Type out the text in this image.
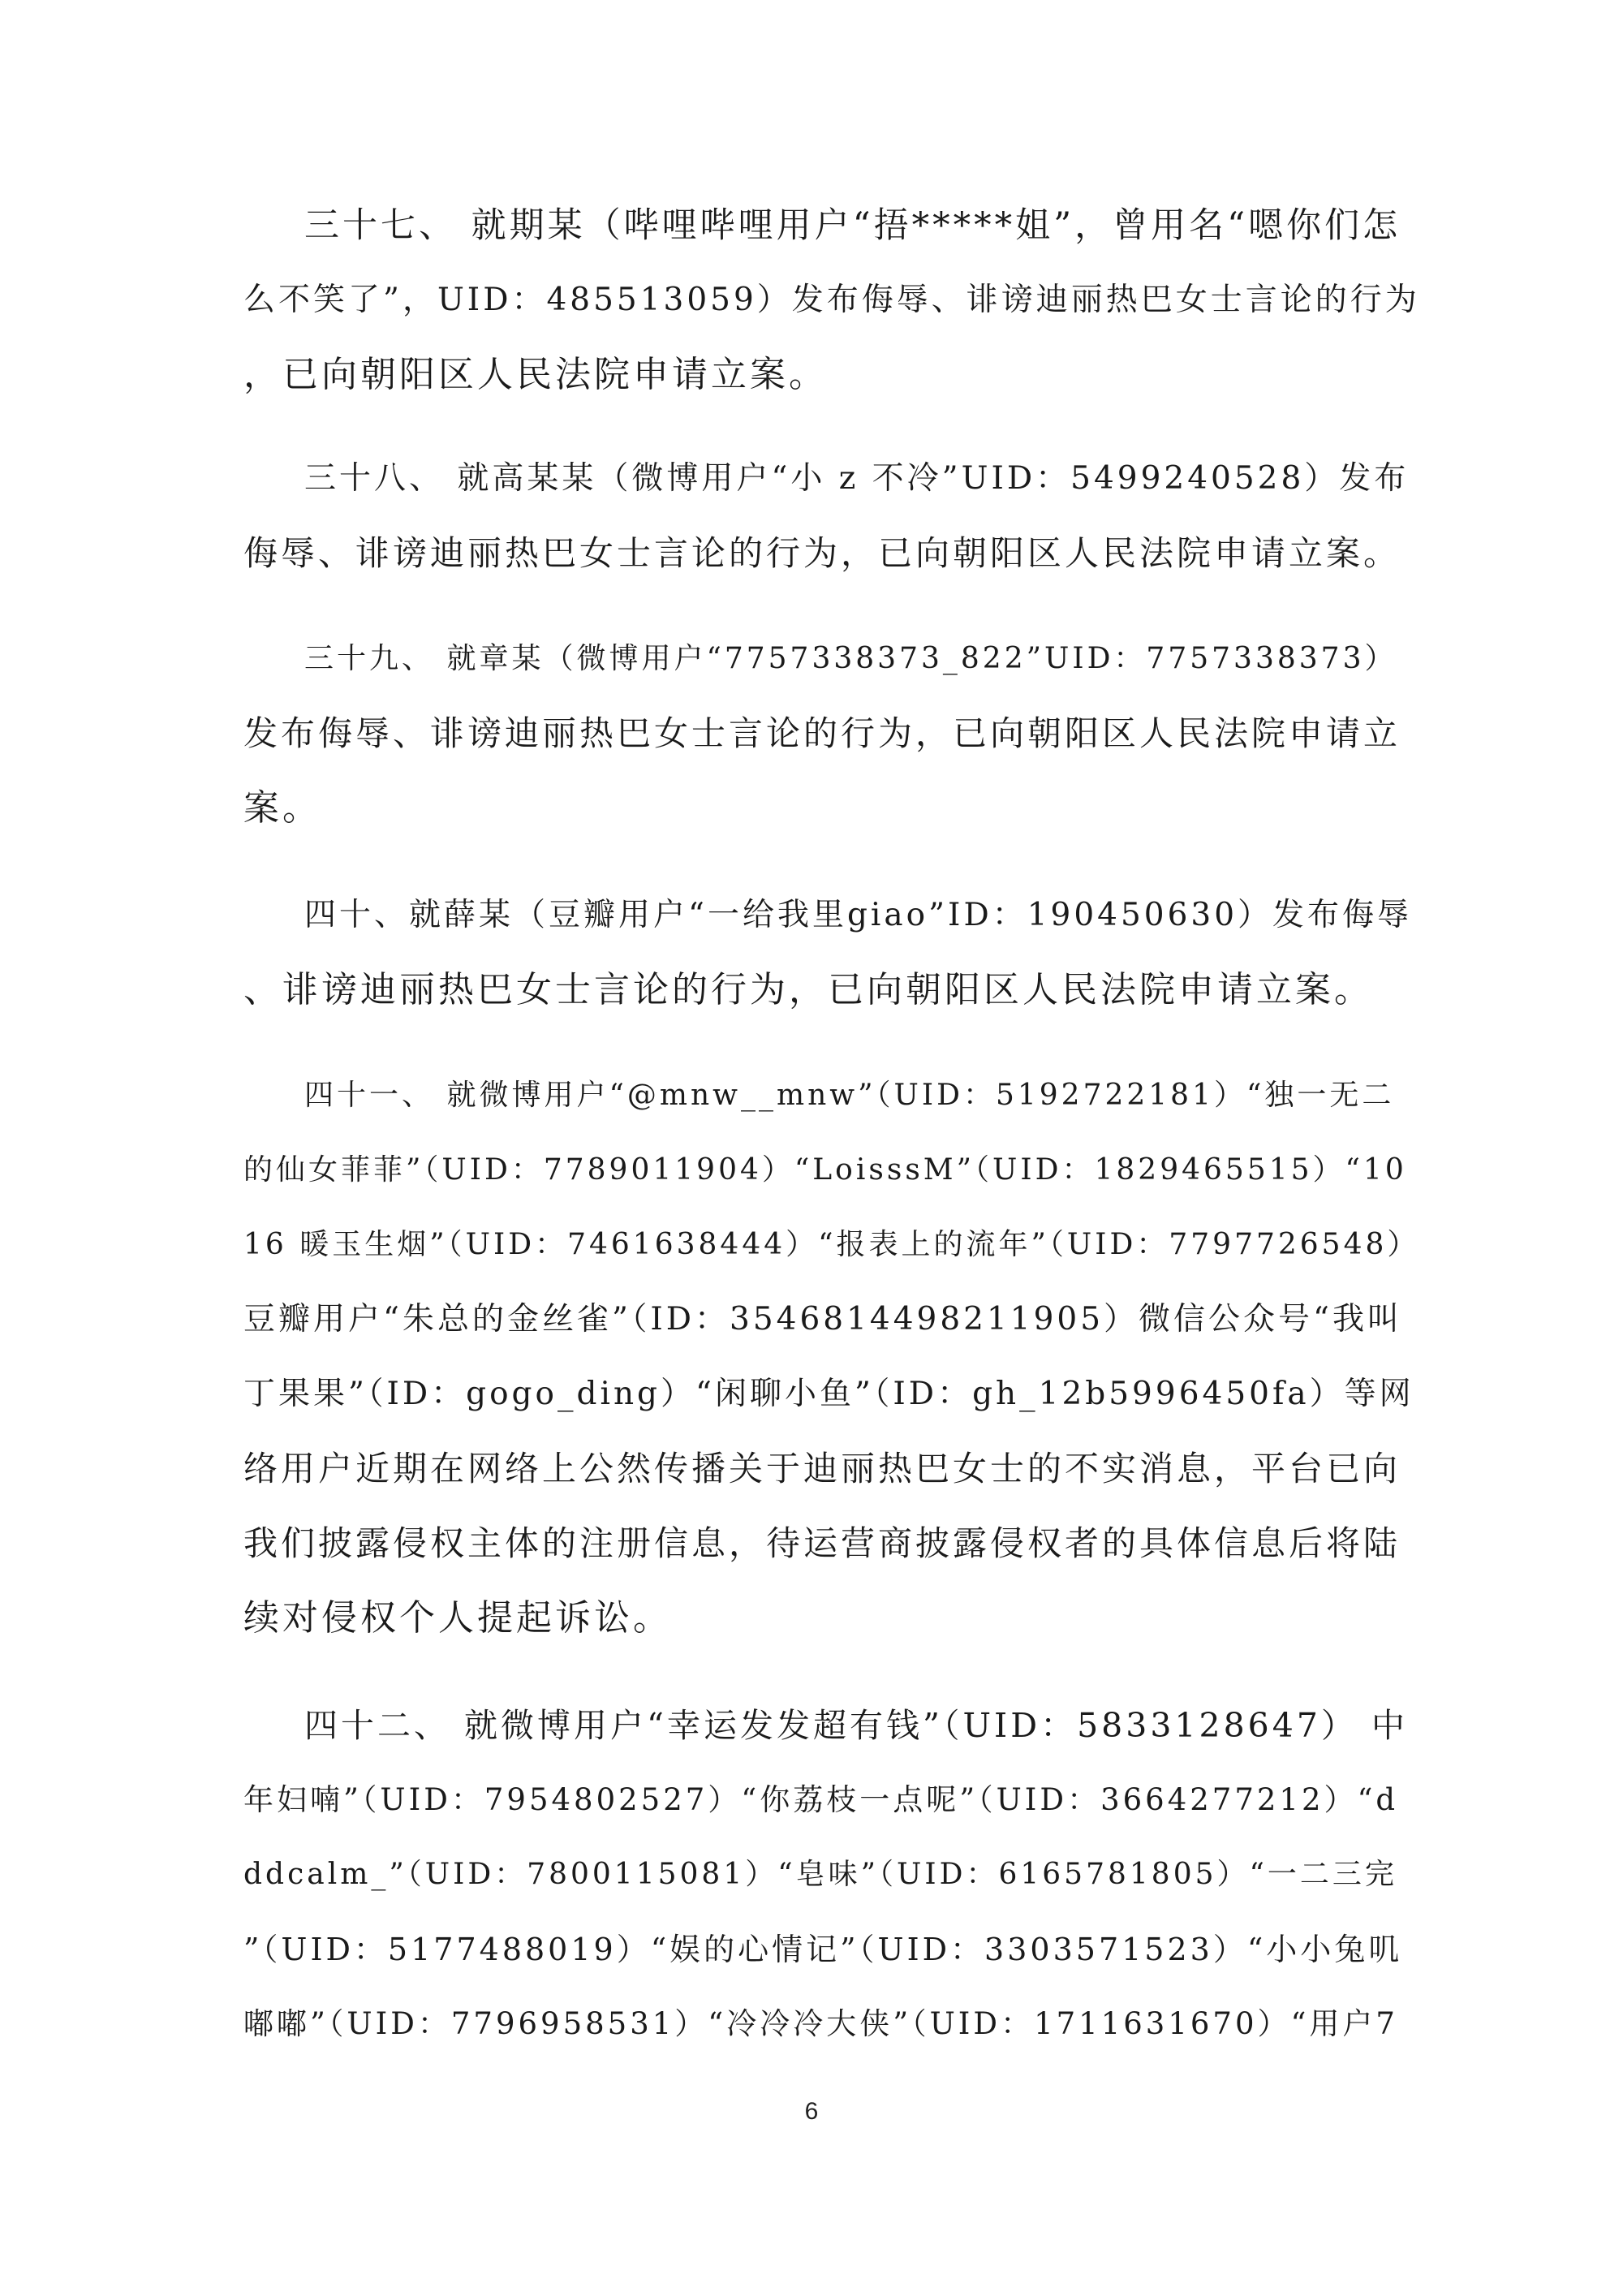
三十七、 就期某（哔哩哔哩用户“捂*****姐”，曾用名“嗯你们怎
么不笑了”，UID：485513059）发布侮辱、诽谤迪丽热巴女士言论的行为
，已向朝阳区人民法院申请立案。
三十八、 就高某某（微博用户“小 z 不冷”UID：5499240528）发布
侮辱、诽谤迪丽热巴女士言论的行为，已向朝阳区人民法院申请立案。
三十九、 就章某（微博用户“7757338373_822”UID：7757338373）
发布侮辱、诽谤迪丽热巴女士言论的行为，已向朝阳区人民法院申请立
案。
四十、就薛某（豆瓣用户“一给我里giao”ID：190450630）发布侮辱
、诽谤迪丽热巴女士言论的行为，已向朝阳区人民法院申请立案。
四十一、 就微博用户“@mnw__mnw”（UID：5192722181）“独一无二
的仙女菲菲”（UID：7789011904）“LoisssM”（UID：1829465515）“10
16 暖玉生烟”（UID：7461638444）“报表上的流年”（UID：7797726548）
豆瓣用户“朱总的金丝雀”（ID：3546814498211905）微信公众号“我叫
丁果果”（ID：gogo_ding）“闲聊小鱼”（ID：gh_12b5996450fa）等网
络用户近期在网络上公然传播关于迪丽热巴女士的不实消息，平台已向
我们披露侵权主体的注册信息，待运营商披露侵权者的具体信息后将陆
续对侵权个人提起诉讼。
四十二、 就微博用户“幸运发发超有钱”（UID：5833128647） 中
年妇喃”（UID：7954802527）“你荔枝一点呢”（UID：3664277212）“d
ddcalm_”（UID：7800115081）“皂味”（UID：6165781805）“一二三完
”（UID：5177488019）“娱的心情记”（UID：3303571523）“小小兔叽
嘟嘟”（UID：7796958531）“冷冷冷大侠”（UID：1711631670）“用户7
6
